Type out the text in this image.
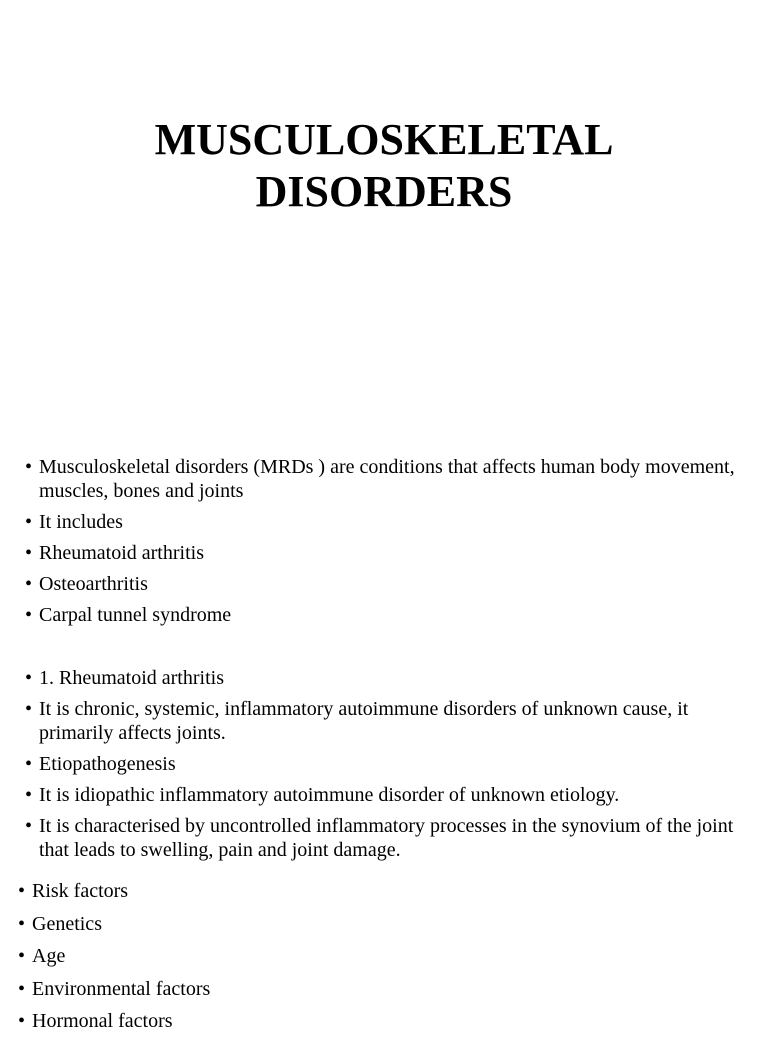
MUSCULOSKELETAL
DISORDERS
• Musculoskeletal disorders (MRDs ) are conditions that affects human body movement, muscles, bones and joints
• It includes
• Rheumatoid arthritis
• Osteoarthritis
• Carpal tunnel syndrome
• 1. Rheumatoid arthritis
• It is chronic, systemic, inflammatory autoimmune disorders of unknown cause, it primarily affects joints.
• Etiopathogenesis
• It is idiopathic inflammatory autoimmune disorder of unknown etiology.
• It is characterised by uncontrolled inflammatory processes in the synovium of the joint that leads to swelling, pain and joint damage.
• Risk factors
• Genetics
• Age
• Environmental factors
• Hormonal factors
